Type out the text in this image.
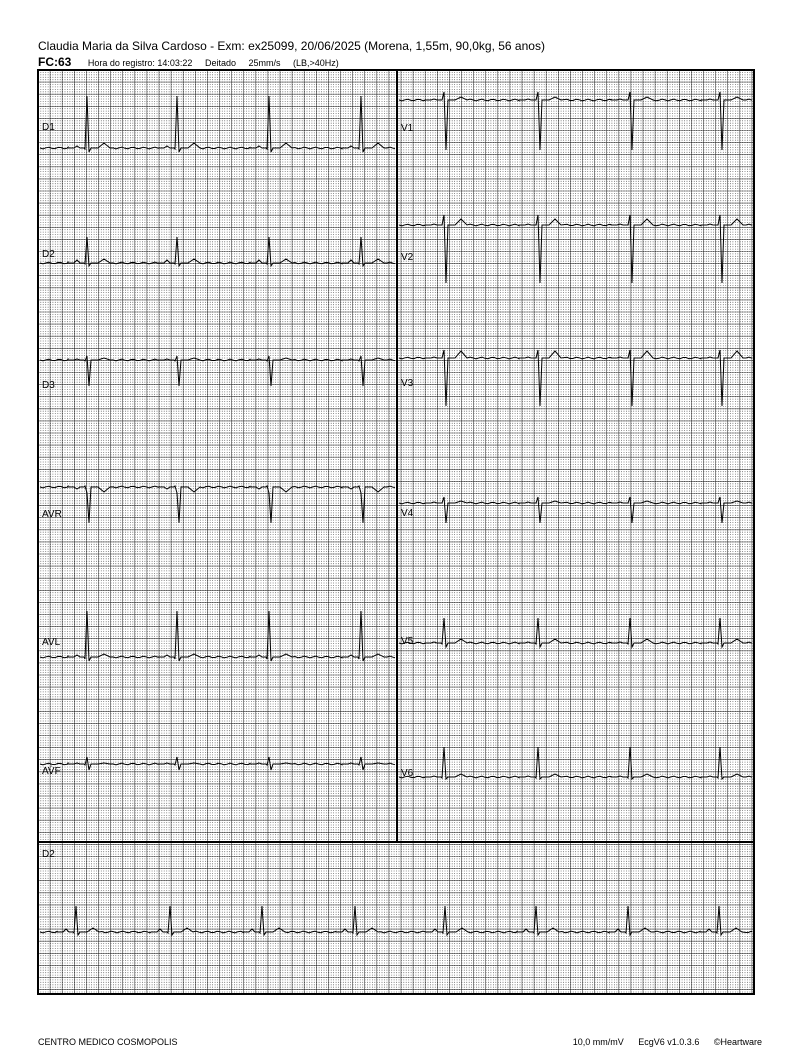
Claudia Maria da Silva Cardoso - Exm: ex25099, 20/06/2025 (Morena, 1,55m, 90,0kg, 56 anos)
FC:63 Hora do registro: 14:03:22 Deitado 25mm/s (LB,>40Hz)
D1
D2
D3
AVR
AVL
AV̇F
V1
V2
V3
V4
V5
V6
D2
CENTRO MEDICO COSMOPOLIS	10,0 mm/mV EcgV6 v1.0.3.6 ©Heartware
